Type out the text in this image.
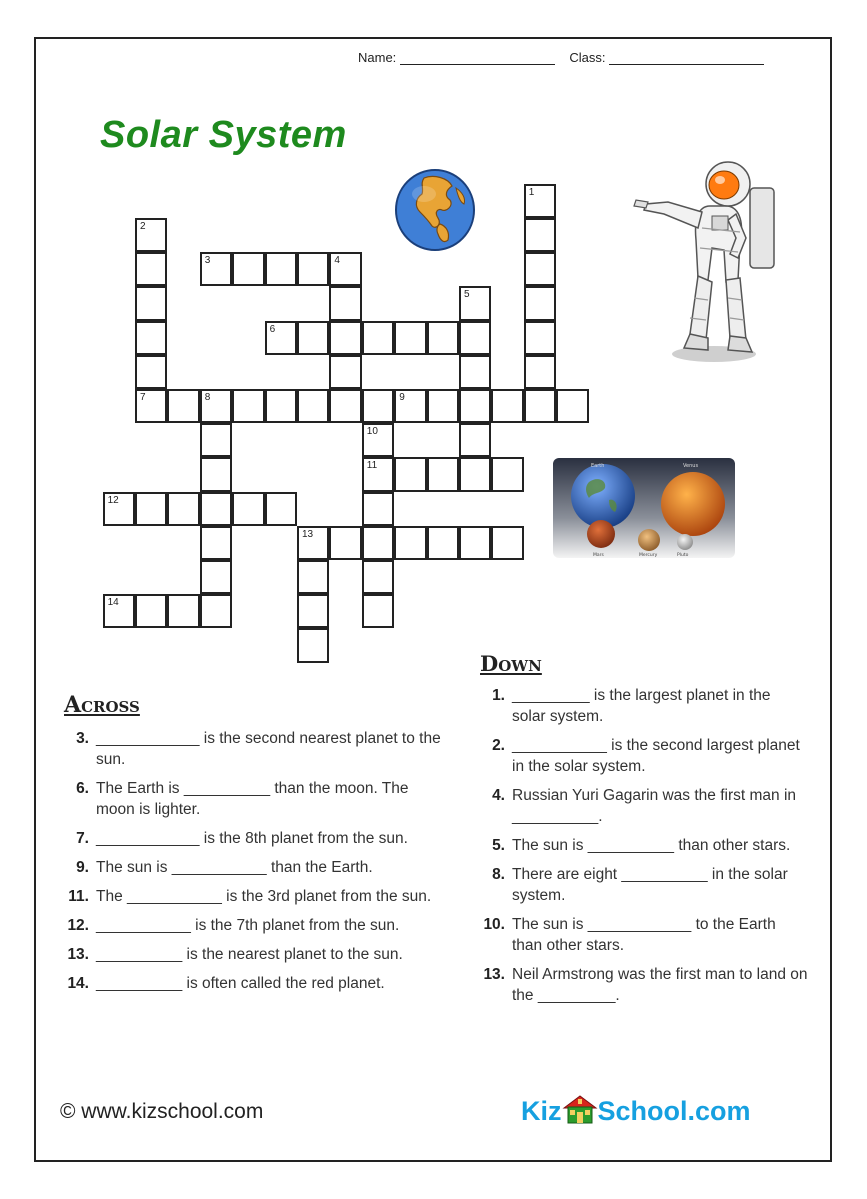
Name:	Class:
Solar System
Earth	Venus
Mars	Mercury	Pluto
1
2
7
3	4
5
6
8	9
10
11
12
13
14
Across
3. ____________ is the second nearest planet to the sun.
6. The Earth is __________ than the moon. The moon is lighter.
7. ____________ is the 8th planet from the sun.
9. The sun is ___________ than the Earth.
11. The ___________ is the 3rd planet from the sun.
12. ___________ is the 7th planet from the sun.
13. __________ is the nearest planet to the sun.
14. __________ is often called the red planet.
Down
1. _________ is the largest planet in the solar system.
2. ___________ is the second largest planet in the solar system.
4. Russian Yuri Gagarin was the first man in __________.
5. The sun is __________ than other stars.
8. There are eight __________ in the solar system.
10. The sun is ____________ to the Earth than other stars.
13. Neil Armstrong was the first man to land on the _________.
© www.kizschool.com	Kiz School.com
